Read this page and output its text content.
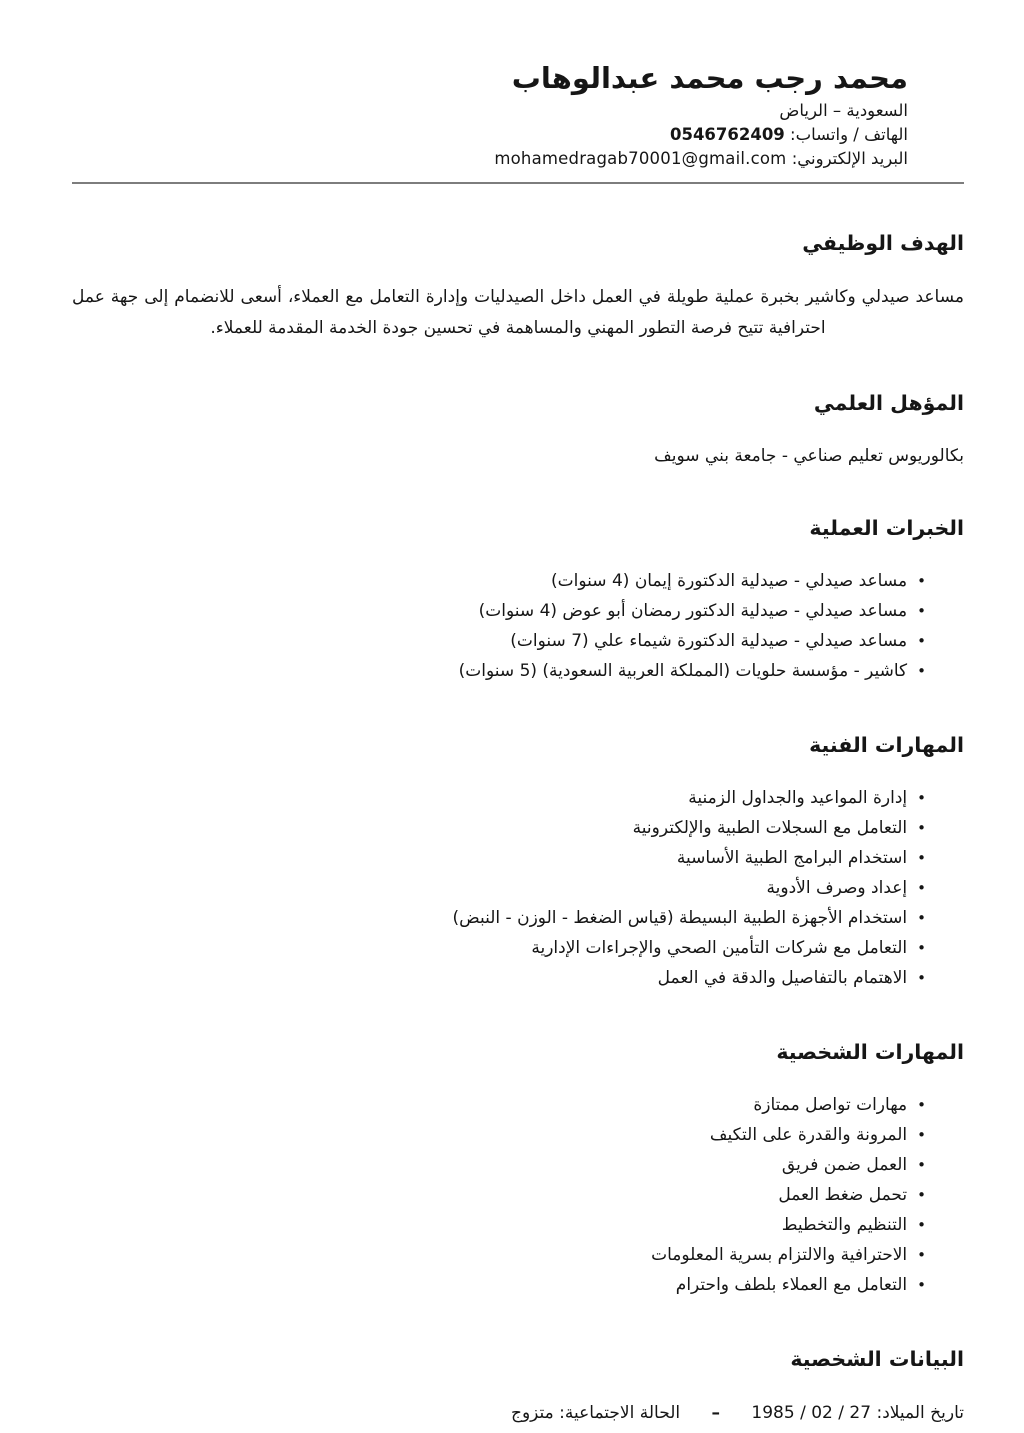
محمد رجب محمد عبدالوهاب
السعودية – الرياض
الهاتف / واتساب: 0546762409
البريد الإلكتروني: mohamedragab70001@gmail.com
الهدف الوظيفي

مساعد صيدلي وكاشير بخبرة عملية طويلة في العمل داخل الصيدليات وإدارة التعامل مع العملاء، أسعى للانضمام إلى جهة عمل احترافية تتيح فرصة التطور المهني والمساهمة في تحسين جودة الخدمة المقدمة للعملاء.

المؤهل العلمي

بكالوريوس تعليم صناعي - جامعة بني سويف

الخبرات العملية
• مساعد صيدلي - صيدلية الدكتورة إيمان (4 سنوات)
• مساعد صيدلي - صيدلية الدكتور رمضان أبو عوض (4 سنوات)
• مساعد صيدلي - صيدلية الدكتورة شيماء علي (7 سنوات)
• كاشير - مؤسسة حلويات (المملكة العربية السعودية) (5 سنوات)
المهارات الفنية
• إدارة المواعيد والجداول الزمنية
• التعامل مع السجلات الطبية والإلكترونية
• استخدام البرامج الطبية الأساسية
• إعداد وصرف الأدوية
• استخدام الأجهزة الطبية البسيطة (قياس الضغط - الوزن - النبض)
• التعامل مع شركات التأمين الصحي والإجراءات الإدارية
• الاهتمام بالتفاصيل والدقة في العمل
المهارات الشخصية
• مهارات تواصل ممتازة
• المرونة والقدرة على التكيف
• العمل ضمن فريق
• تحمل ضغط العمل
• التنظيم والتخطيط
• الاحترافية والالتزام بسرية المعلومات
• التعامل مع العملاء بلطف واحترام
البيانات الشخصية
تاريخ الميلاد: 27 / 02 / 1985 – الحالة الاجتماعية: متزوج
